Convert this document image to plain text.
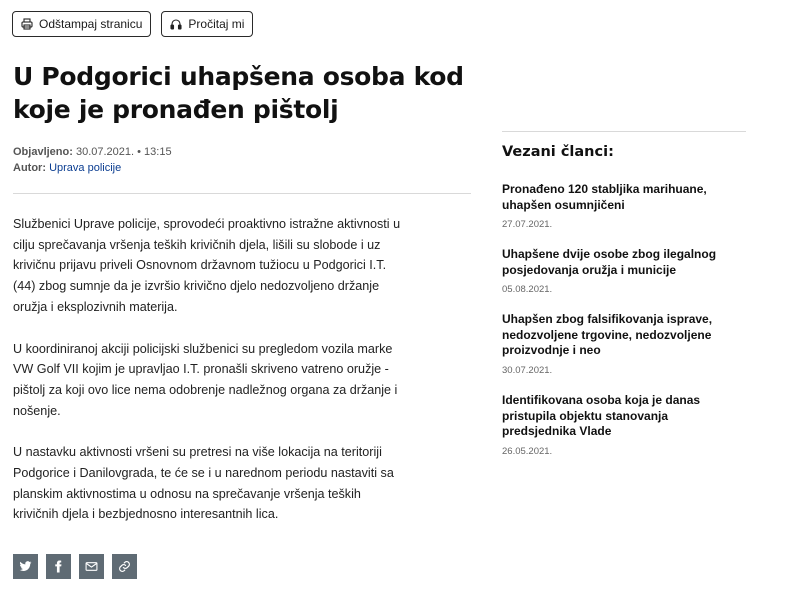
Odštampaj stranicu	Pročitaj mi
U Podgorici uhapšena osoba kod koje je pronađen pištolj
Objavljeno: 30.07.2021. • 13:15
Autor: Uprava policije

Službenici Uprave policije, sprovodeći proaktivno istražne aktivnosti u cilju sprečavanja vršenja teških krivičnih djela, lišili su slobode i uz krivičnu prijavu priveli Osnovnom državnom tužiocu u Podgorici I.T. (44) zbog sumnje da je izvršio krivično djelo nedozvoljeno držanje oružja i eksplozivnih materija.

U koordiniranoj akciji policijski službenici su pregledom vozila marke VW Golf VII kojim je upravljao I.T. pronašli skriveno vatreno oružje - pištolj za koji ovo lice nema odobrenje nadležnog organa za držanje i nošenje.

U nastavku aktivnosti vršeni su pretresi na više lokacija na teritoriji Podgorice i Danilovgrada, te će se i u narednom periodu nastaviti sa planskim aktivnostima u odnosu na sprečavanje vršenja teških krivičnih djela i bezbjednosno interesantnih lica.

Vezani članci:
Pronađeno 120 stabljika marihuane, uhapšen osumnjičeni
27.07.2021.
Uhapšene dvije osobe zbog ilegalnog posjedovanja oružja i municije
05.08.2021.
Uhapšen zbog falsifikovanja isprave, nedozvoljene trgovine, nedozvoljene proizvodnje i neo
30.07.2021.
Identifikovana osoba koja je danas pristupila objektu stanovanja predsjednika Vlade
26.05.2021.
